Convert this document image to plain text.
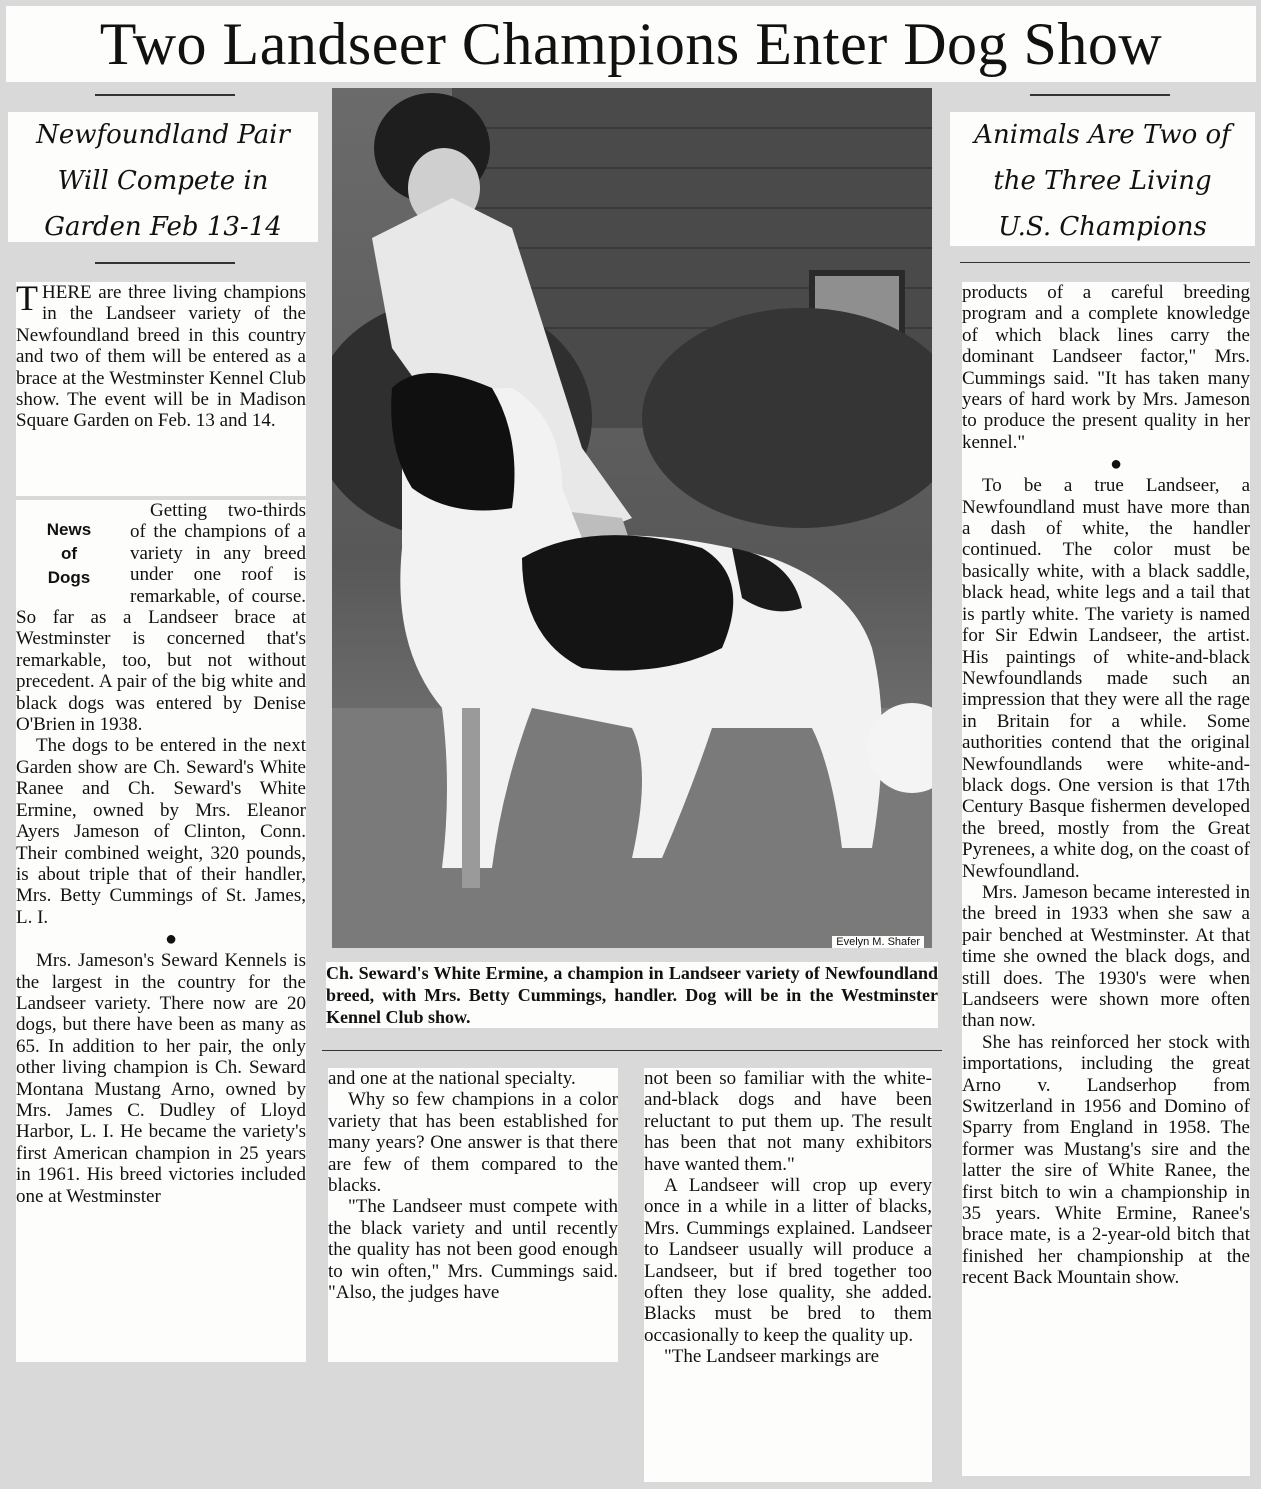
Two Landseer Champions Enter Dog Show
Newfoundland Pair
Will Compete in
Garden Feb 13-14
Animals Are Two of
the Three Living
U.S. Champions

THERE are three living champions in the Landseer variety of the Newfoundland breed in this country and two of them will be entered as a brace at the Westminster Kennel Club show. The event will be in Madison Square Garden on Feb. 13 and 14.

News
of
Dogs

Getting two-thirds of the champions of a variety in any breed under one roof is remarkable, of course. So far as a Landseer brace at Westminster is concerned that's remarkable, too, but not without precedent. A pair of the big white and black dogs was entered by Denise O'Brien in 1938.

The dogs to be entered in the next Garden show are Ch. Seward's White Ranee and Ch. Seward's White Ermine, owned by Mrs. Eleanor Ayers Jameson of Clinton, Conn. Their combined weight, 320 pounds, is about triple that of their handler, Mrs. Betty Cummings of St. James, L. I.

●

Mrs. Jameson's Seward Kennels is the largest in the country for the Landseer variety. There now are 20 dogs, but there have been as many as 65. In addition to her pair, the only other living champion is Ch. Seward Montana Mustang Arno, owned by Mrs. James C. Dudley of Lloyd Harbor, L. I. He became the variety's first American champion in 25 years in 1961. His breed victories included one at Westminster

Evelyn M. Shafer
Ch. Seward's White Ermine, a champion in Landseer variety of Newfoundland breed, with Mrs. Betty Cummings, handler. Dog will be in the Westminster Kennel Club show.

and one at the national specialty.

Why so few champions in a color variety that has been established for many years? One answer is that there are few of them compared to the blacks.

"The Landseer must compete with the black variety and until recently the quality has not been good enough to win often," Mrs. Cummings said. "Also, the judges have

not been so familiar with the white-and-black dogs and have been reluctant to put them up. The result has been that not many exhibitors have wanted them."

A Landseer will crop up every once in a while in a litter of blacks, Mrs. Cummings explained. Landseer to Landseer usually will produce a Landseer, but if bred together too often they lose quality, she added. Blacks must be bred to them occasionally to keep the quality up.

"The Landseer markings are

products of a careful breeding program and a complete knowledge of which black lines carry the dominant Landseer factor," Mrs. Cummings said. "It has taken many years of hard work by Mrs. Jameson to produce the present quality in her kennel."

●

To be a true Landseer, a Newfoundland must have more than a dash of white, the handler continued. The color must be basically white, with a black saddle, black head, white legs and a tail that is partly white. The variety is named for Sir Edwin Landseer, the artist. His paintings of white-and-black Newfoundlands made such an impression that they were all the rage in Britain for a while. Some authorities contend that the original Newfoundlands were white-and-black dogs. One version is that 17th Century Basque fishermen developed the breed, mostly from the Great Pyrenees, a white dog, on the coast of Newfoundland.

Mrs. Jameson became interested in the breed in 1933 when she saw a pair benched at Westminster. At that time she owned the black dogs, and still does. The 1930's were when Landseers were shown more often than now.

She has reinforced her stock with importations, including the great Arno v. Landserhop from Switzerland in 1956 and Domino of Sparry from England in 1958. The former was Mustang's sire and the latter the sire of White Ranee, the first bitch to win a championship in 35 years. White Ermine, Ranee's brace mate, is a 2-year-old bitch that finished her championship at the recent Back Mountain show.
